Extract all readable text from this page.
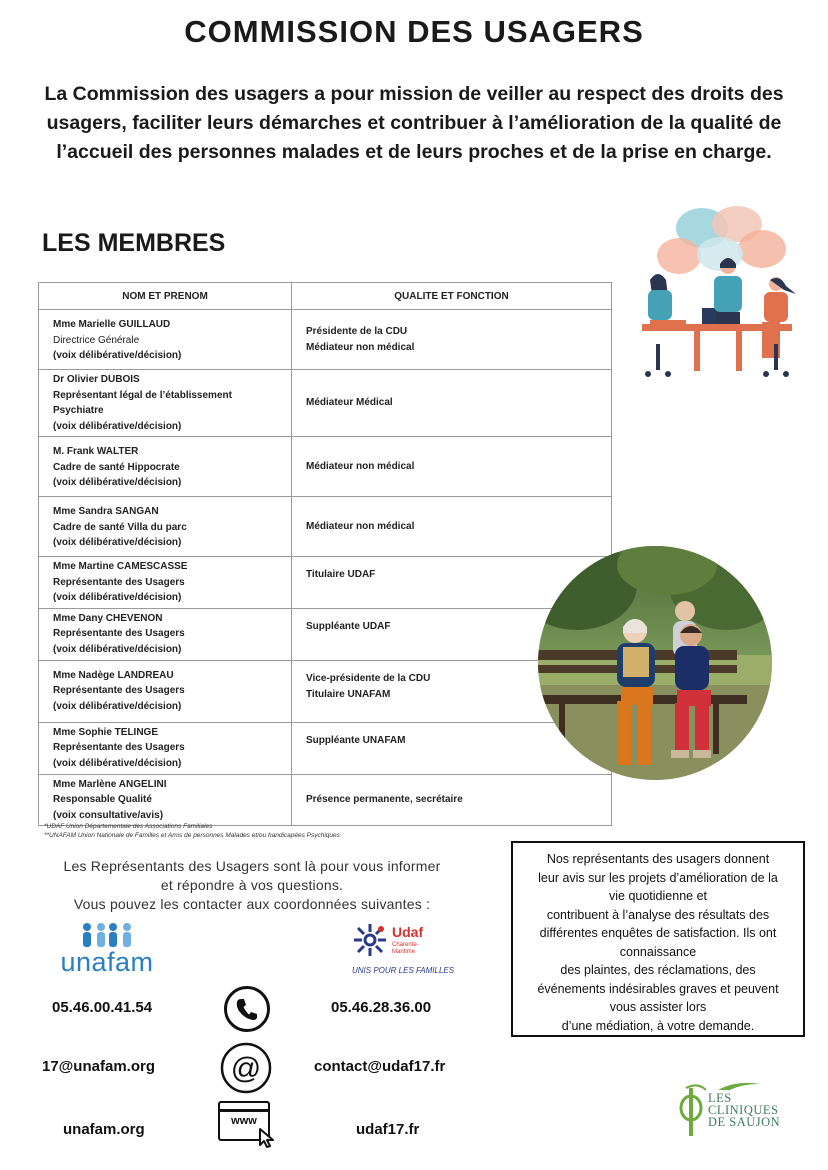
COMMISSION DES USAGERS
La Commission des usagers a pour mission de veiller au respect des droits des usagers, faciliter leurs démarches et contribuer à l’amélioration de la qualité de l’accueil des personnes malades et de leurs proches et de la prise en charge.
LES MEMBRES
NOM ET PRENOM	QUALITE ET FONCTION

Mme Marielle GUILLAUD
Directrice Générale
(voix délibérative/décision)	Présidente de la CDU
Médiateur non médical

Dr Olivier DUBOIS
Représentant légal de l’établissement
Psychiatre
(voix délibérative/décision)	Médiateur Médical

M. Frank WALTER
Cadre de santé Hippocrate
(voix délibérative/décision)	Médiateur non médical

Mme Sandra SANGAN
Cadre de santé Villa du parc
(voix délibérative/décision)	Médiateur non médical

Mme Martine CAMESCASSE
Représentante des Usagers
(voix délibérative/décision)	Titulaire UDAF

Mme Dany CHEVENON
Représentante des Usagers
(voix délibérative/décision)	Suppléante UDAF

Mme Nadège LANDREAU
Représentante des Usagers
(voix délibérative/décision)	Vice-présidente de la CDU
Titulaire UNAFAM

Mme Sophie TELINGE
Représentante des Usagers
(voix délibérative/décision)	Suppléante UNAFAM

Mme Marlène ANGELINI
Responsable Qualité
(voix consultative/avis)	Présence permanente, secrétaire
*UDAF Union Départementale des Associations Familiales
**UNAFAM Union Nationale de Familles et Amis de personnes Malades et/ou handicapées Psychiques
Les Représentants des Usagers sont là pour vous informer
et répondre à vos questions.
Vous pouvez les contacter aux coordonnées suivantes :
Nos représentants des usagers donnent
leur avis sur les projets d’amélioration de la
vie quotidienne et
contribuent à l’analyse des résultats des
différentes enquêtes de satisfaction. Ils ont
connaissance
des plaintes, des réclamations, des
événements indésirables graves et peuvent
vous assister lors
d’une médiation, à votre demande.
unafam
Udaf
Charente-
Maritime
UNIS POUR LES FAMILLES
05.46.00.41.54	05.46.28.36.00
17@unafam.org	@	contact@udaf17.fr
unafam.org	www	udaf17.fr
LES
CLINIQUES
DE SAUJON
